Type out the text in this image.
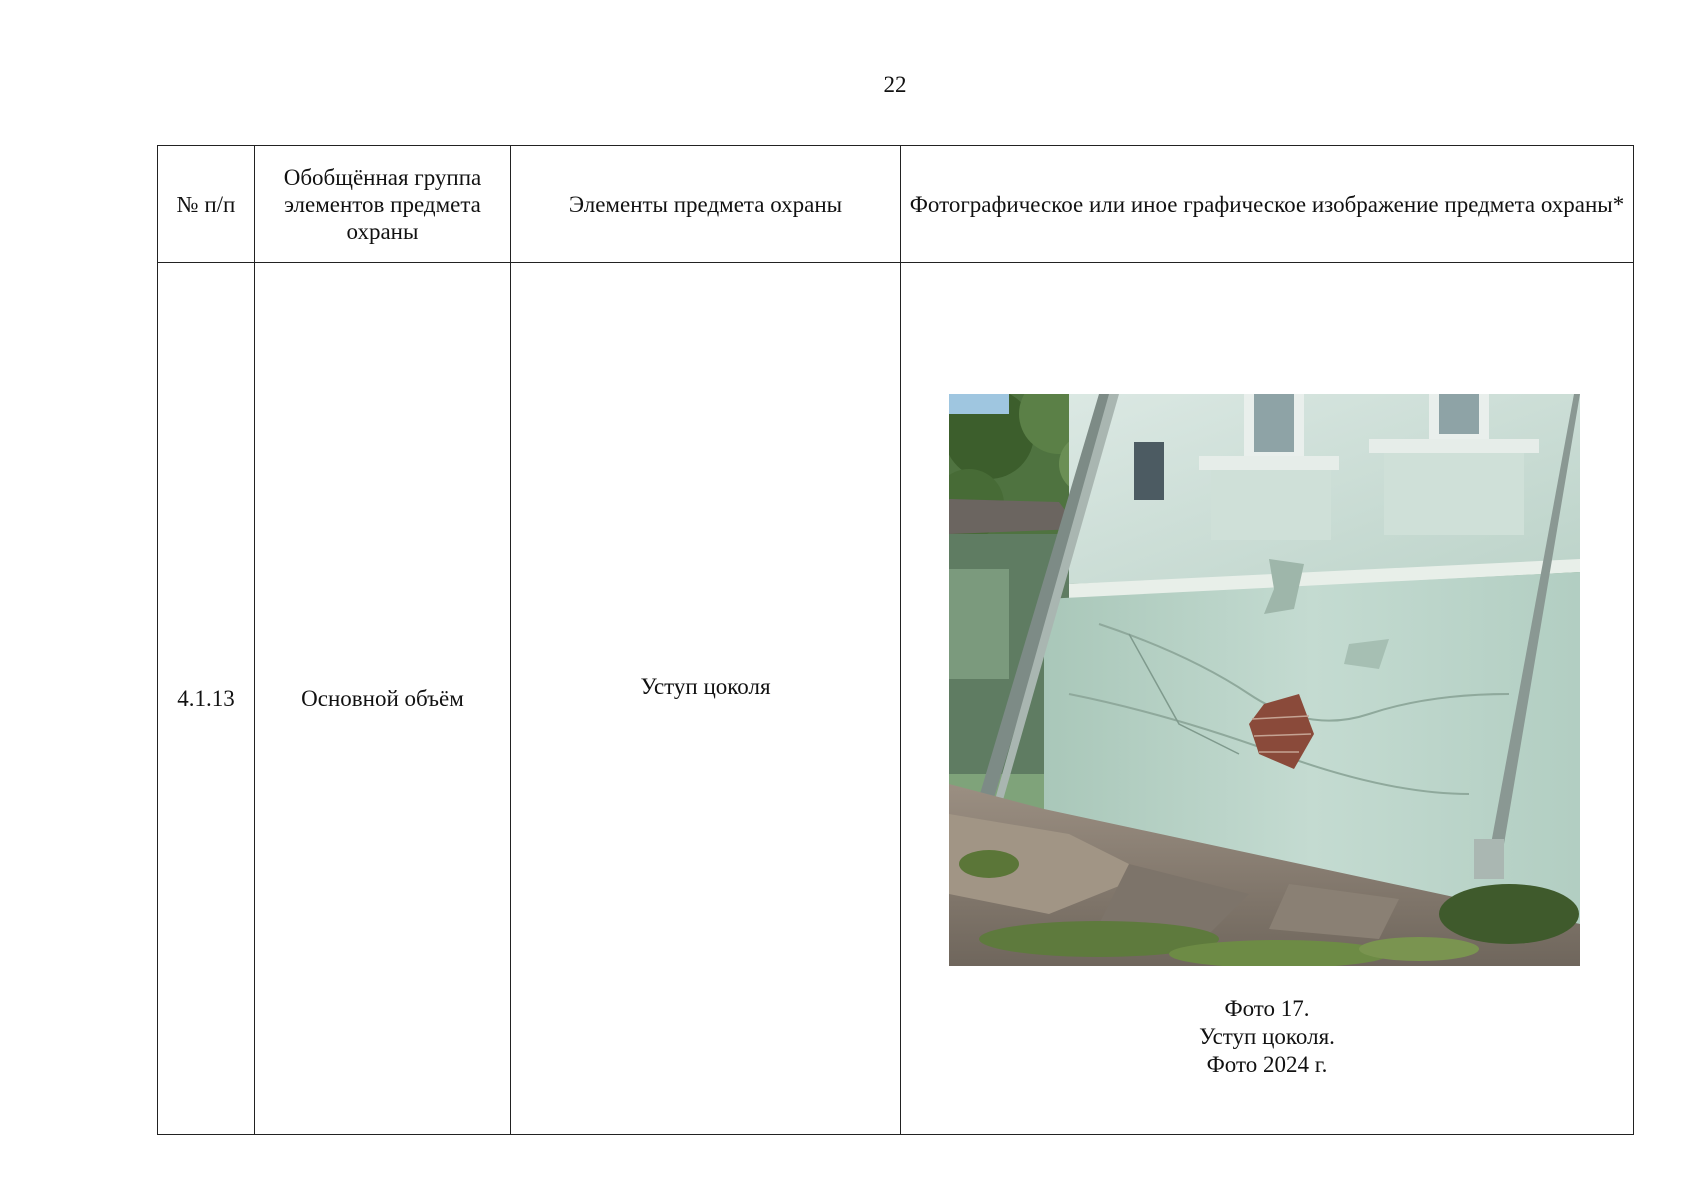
22
№ п/п	Обобщённая группа элементов предмета охраны	Элементы предмета охраны	Фотографическое или иное графическое изображение предмета охраны*
4.1.13	Основной объём	Уступ цоколя	Фото 17.
Уступ цоколя.
Фото 2024 г.
